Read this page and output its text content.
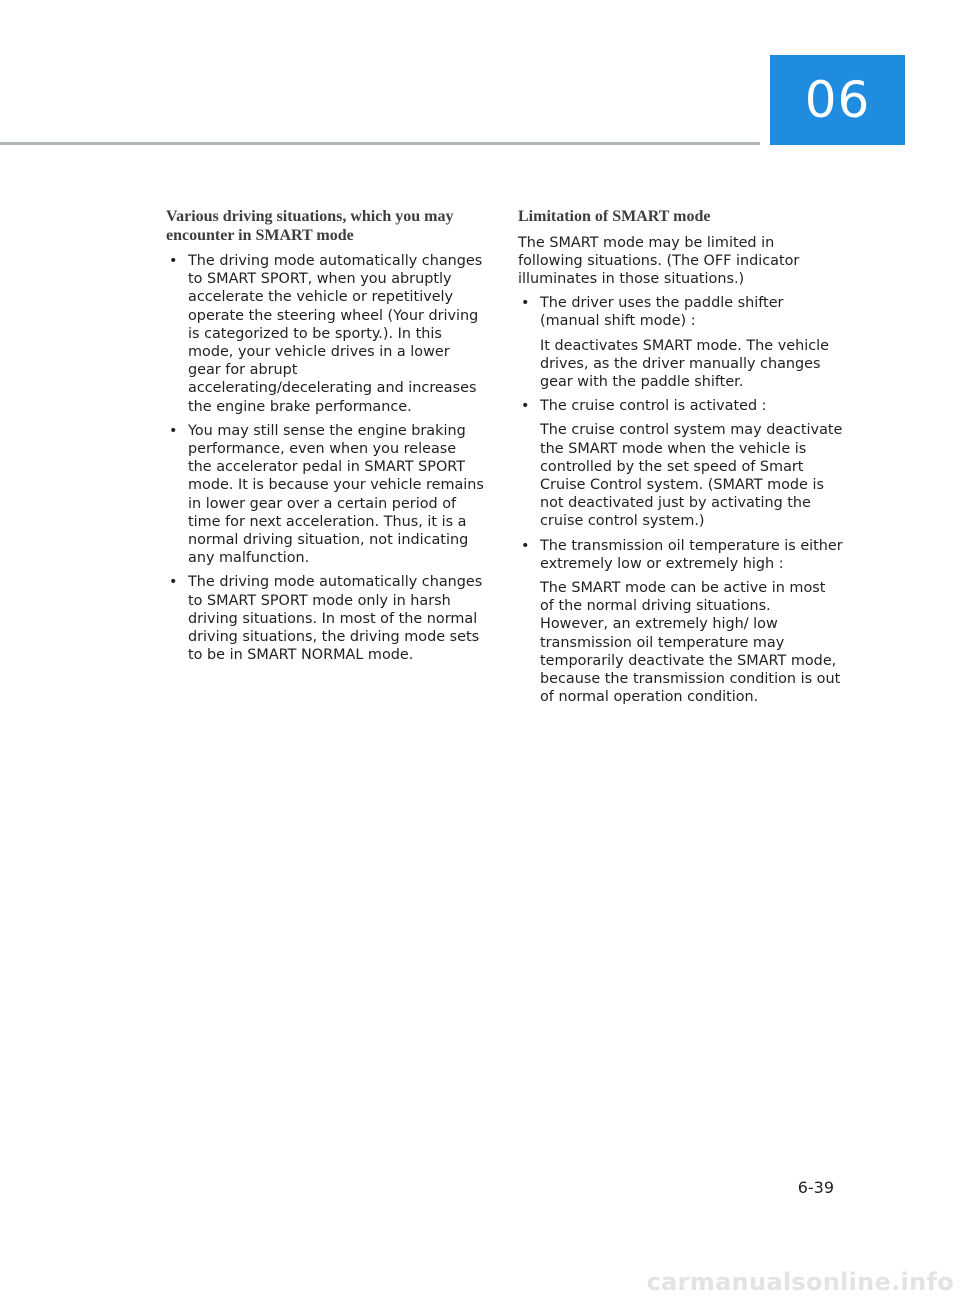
06
Various driving situations, which you may encounter in SMART mode
• The driving mode automatically changes to SMART SPORT, when you abruptly accelerate the vehicle or repetitively operate the steering wheel (Your driving is categorized to be sporty.). In this mode, your vehicle drives in a lower gear for abrupt accelerating/decelerating and increases the engine brake performance.
• You may still sense the engine braking performance, even when you release the accelerator pedal in SMART SPORT mode. It is because your vehicle remains in lower gear over a certain period of time for next acceleration. Thus, it is a normal driving situation, not indicating any malfunction.
• The driving mode automatically changes to SMART SPORT mode only in harsh driving situations. In most of the normal driving situations, the driving mode sets to be in SMART NORMAL mode.
Limitation of SMART mode

The SMART mode may be limited in following situations. (The OFF indicator illuminates in those situations.)

• The driver uses the paddle shifter (manual shift mode) :
It deactivates SMART mode. The vehicle drives, as the driver manually changes gear with the paddle shifter.
• The cruise control is activated :
The cruise control system may deactivate the SMART mode when the vehicle is controlled by the set speed of Smart Cruise Control system. (SMART mode is not deactivated just by activating the cruise control system.)
• The transmission oil temperature is either extremely low or extremely high :
The SMART mode can be active in most of the normal driving situations. However, an extremely high/ low transmission oil temperature may temporarily deactivate the SMART mode, because the transmission condition is out of normal operation condition.
6-39
carmanualsonline.info
